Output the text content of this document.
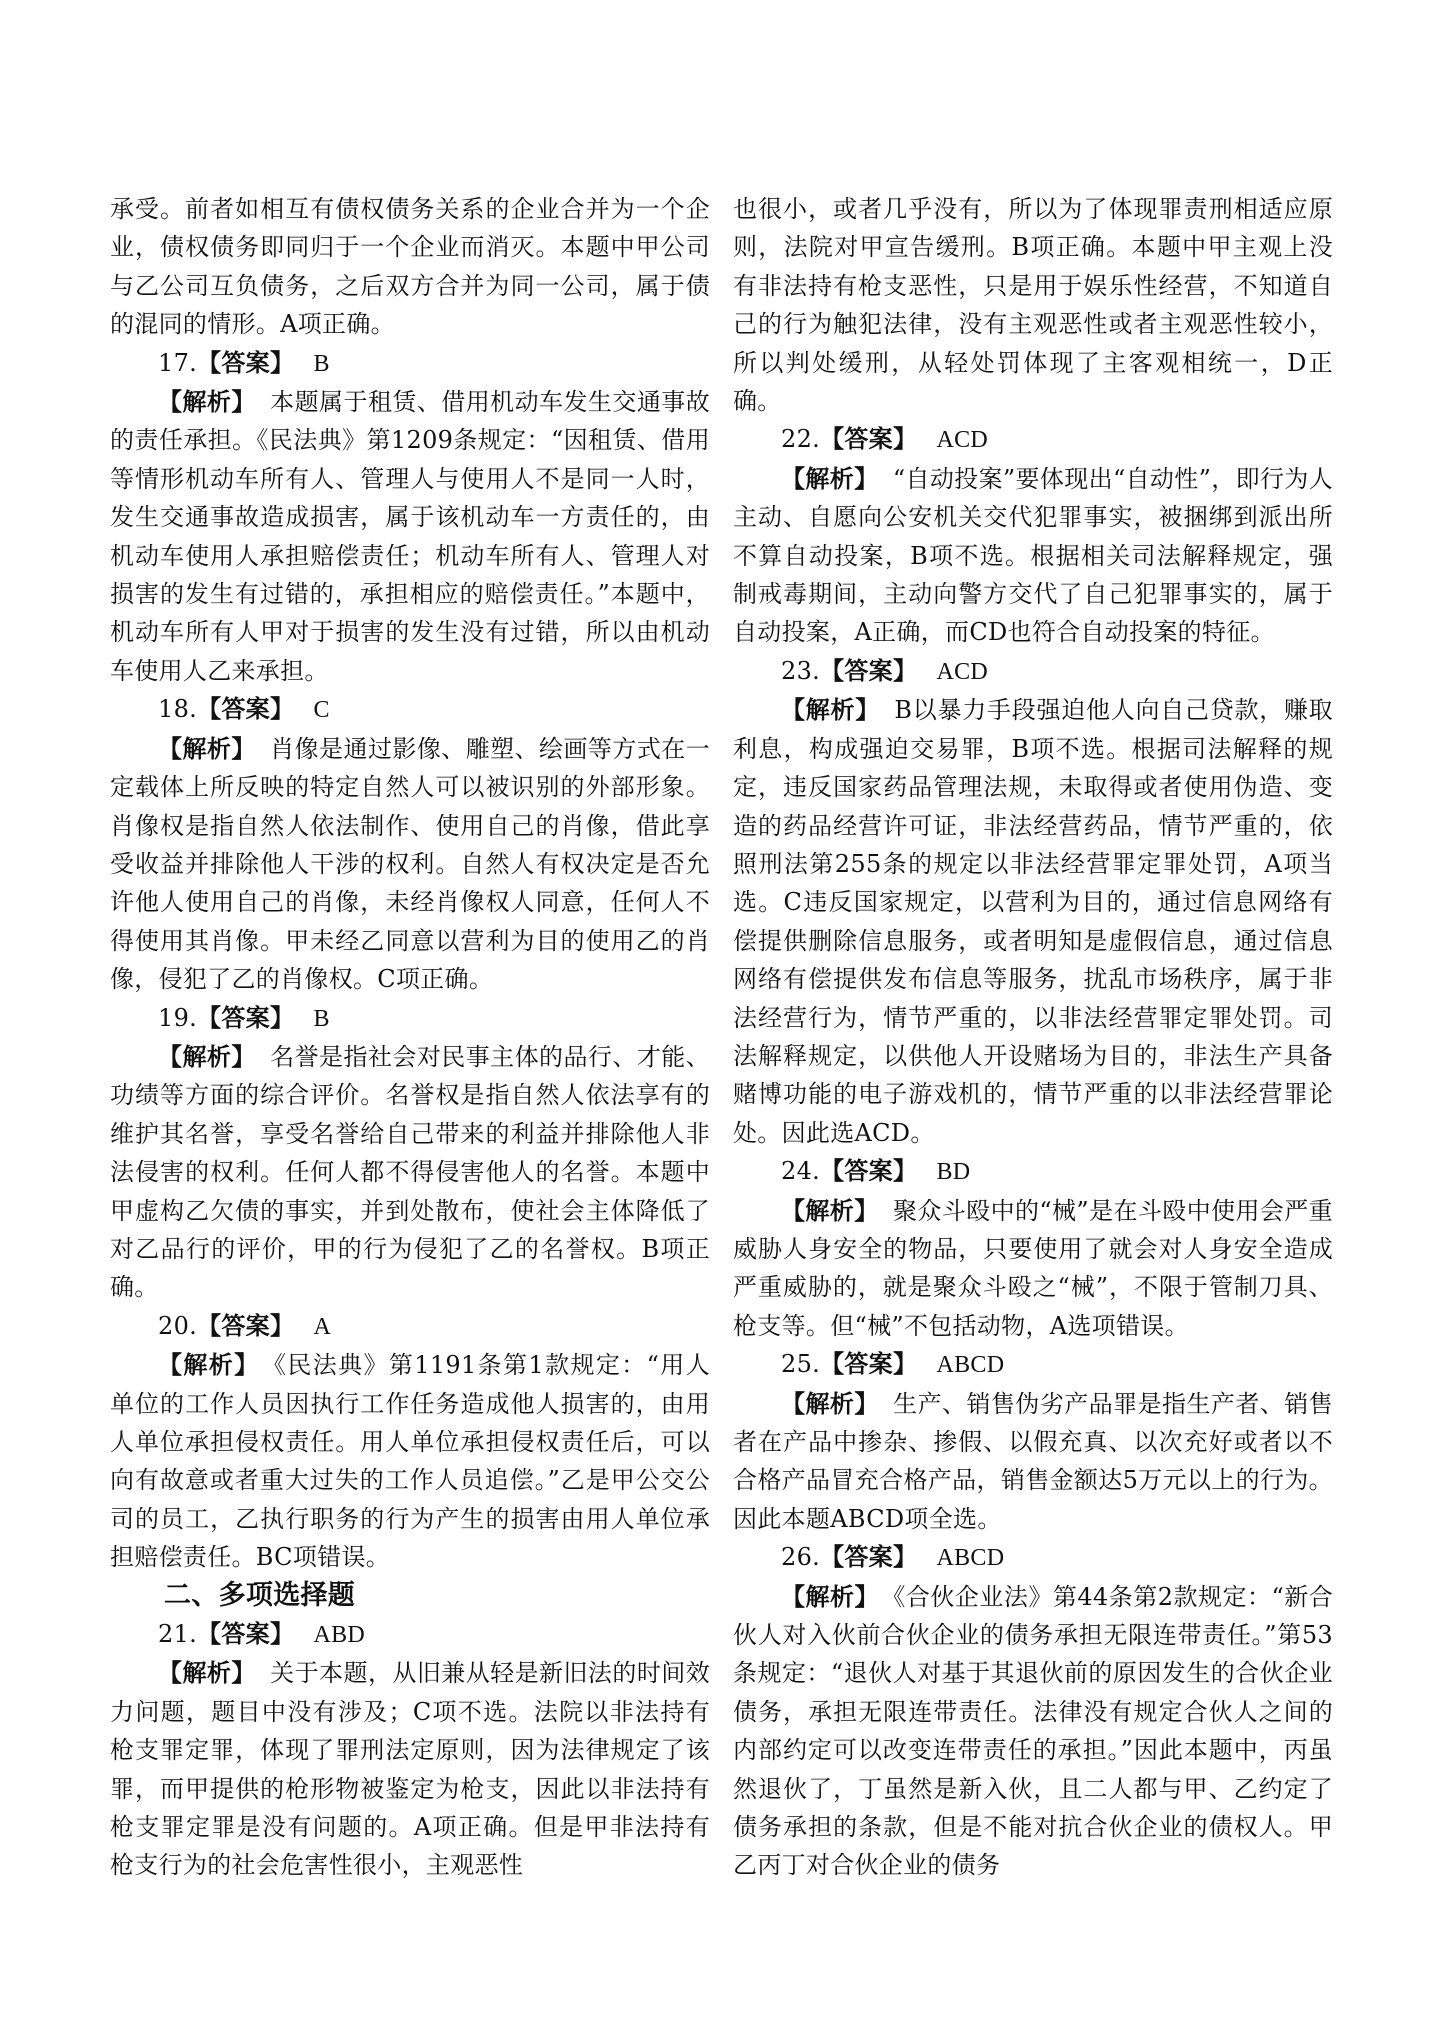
承受。前者如相互有债权债务关系的企业合并为一个企业，债权债务即同归于一个企业而消灭。本题中甲公司与乙公司互负债务，之后双方合并为同一公司，属于债的混同的情形。A项正确。

17.【答案】 B

【解析】 本题属于租赁、借用机动车发生交通事故的责任承担。《民法典》第1209条规定：“因租赁、借用等情形机动车所有人、管理人与使用人不是同一人时，发生交通事故造成损害，属于该机动车一方责任的，由机动车使用人承担赔偿责任；机动车所有人、管理人对损害的发生有过错的，承担相应的赔偿责任。”本题中，机动车所有人甲对于损害的发生没有过错，所以由机动车使用人乙来承担。

18.【答案】 C

【解析】 肖像是通过影像、雕塑、绘画等方式在一定载体上所反映的特定自然人可以被识别的外部形象。肖像权是指自然人依法制作、使用自己的肖像，借此享受收益并排除他人干涉的权利。自然人有权决定是否允许他人使用自己的肖像，未经肖像权人同意，任何人不得使用其肖像。甲未经乙同意以营利为目的使用乙的肖像，侵犯了乙的肖像权。C项正确。

19.【答案】 B

【解析】 名誉是指社会对民事主体的品行、才能、功绩等方面的综合评价。名誉权是指自然人依法享有的维护其名誉，享受名誉给自己带来的利益并排除他人非法侵害的权利。任何人都不得侵害他人的名誉。本题中甲虚构乙欠债的事实，并到处散布，使社会主体降低了对乙品行的评价，甲的行为侵犯了乙的名誉权。B项正确。

20.【答案】 A

【解析】 《民法典》第1191条第1款规定：“用人单位的工作人员因执行工作任务造成他人损害的，由用人单位承担侵权责任。用人单位承担侵权责任后，可以向有故意或者重大过失的工作人员追偿。”乙是甲公交公司的员工，乙执行职务的行为产生的损害由用人单位承担赔偿责任。BC项错误。

二、多项选择题

21.【答案】 ABD

【解析】 关于本题，从旧兼从轻是新旧法的时间效力问题，题目中没有涉及；C项不选。法院以非法持有枪支罪定罪，体现了罪刑法定原则，因为法律规定了该罪，而甲提供的枪形物被鉴定为枪支，因此以非法持有枪支罪定罪是没有问题的。A项正确。但是甲非法持有枪支行为的社会危害性很小，主观恶性

也很小，或者几乎没有，所以为了体现罪责刑相适应原则，法院对甲宣告缓刑。B项正确。本题中甲主观上没有非法持有枪支恶性，只是用于娱乐性经营，不知道自己的行为触犯法律，没有主观恶性或者主观恶性较小，所以判处缓刑，从轻处罚体现了主客观相统一，D正确。

22.【答案】 ACD

【解析】 “自动投案”要体现出“自动性”，即行为人主动、自愿向公安机关交代犯罪事实，被捆绑到派出所不算自动投案，B项不选。根据相关司法解释规定，强制戒毒期间，主动向警方交代了自己犯罪事实的，属于自动投案，A正确，而CD也符合自动投案的特征。

23.【答案】 ACD

【解析】 B以暴力手段强迫他人向自己贷款，赚取利息，构成强迫交易罪，B项不选。根据司法解释的规定，违反国家药品管理法规，未取得或者使用伪造、变造的药品经营许可证，非法经营药品，情节严重的，依照刑法第255条的规定以非法经营罪定罪处罚，A项当选。C违反国家规定，以营利为目的，通过信息网络有偿提供删除信息服务，或者明知是虚假信息，通过信息网络有偿提供发布信息等服务，扰乱市场秩序，属于非法经营行为，情节严重的，以非法经营罪定罪处罚。司法解释规定，以供他人开设赌场为目的，非法生产具备赌博功能的电子游戏机的，情节严重的以非法经营罪论处。因此选ACD。

24.【答案】 BD

【解析】 聚众斗殴中的“械”是在斗殴中使用会严重威胁人身安全的物品，只要使用了就会对人身安全造成严重威胁的，就是聚众斗殴之“械”，不限于管制刀具、枪支等。但“械”不包括动物，A选项错误。

25.【答案】 ABCD

【解析】 生产、销售伪劣产品罪是指生产者、销售者在产品中掺杂、掺假、以假充真、以次充好或者以不合格产品冒充合格产品，销售金额达5万元以上的行为。因此本题ABCD项全选。

26.【答案】 ABCD

【解析】 《合伙企业法》第44条第2款规定：“新合伙人对入伙前合伙企业的债务承担无限连带责任。”第53条规定：“退伙人对基于其退伙前的原因发生的合伙企业债务，承担无限连带责任。法律没有规定合伙人之间的内部约定可以改变连带责任的承担。”因此本题中，丙虽然退伙了，丁虽然是新入伙，且二人都与甲、乙约定了债务承担的条款，但是不能对抗合伙企业的债权人。甲乙丙丁对合伙企业的债务
